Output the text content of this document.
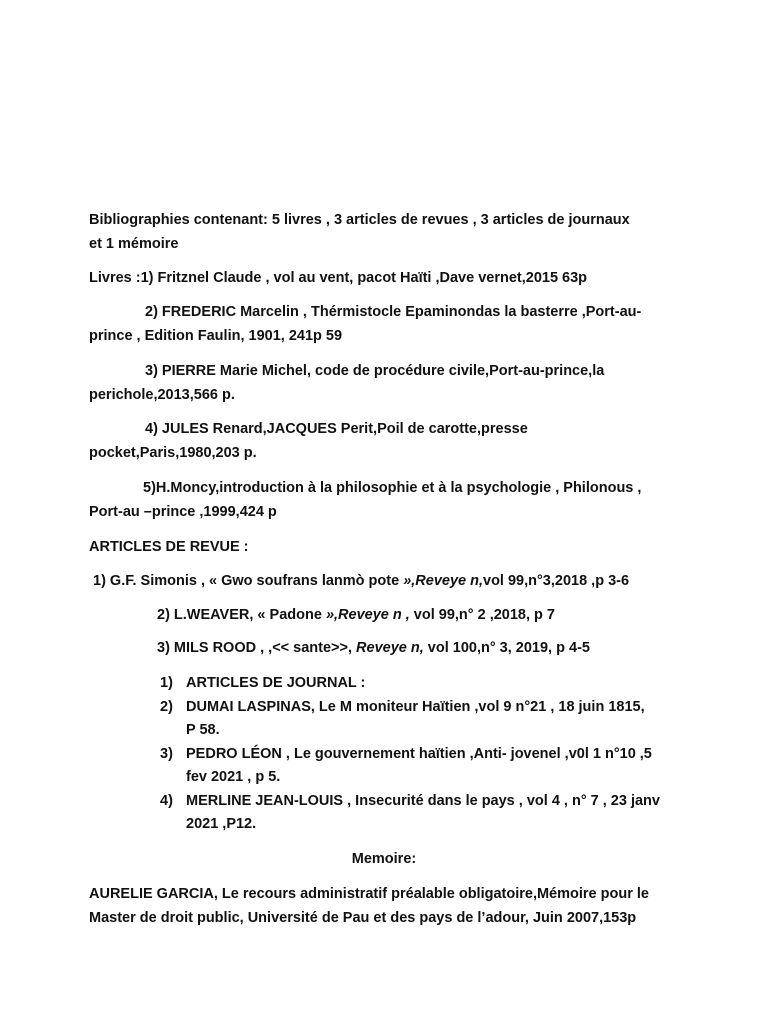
Bibliographies contenant: 5 livres , 3 articles de revues , 3 articles de journaux
et 1 mémoire
Livres :1) Fritznel Claude , vol au vent, pacot Haïti ,Dave vernet,2015 63p
2) FREDERIC Marcelin , Thérmistocle Epaminondas la basterre ,Port-au-
prince , Edition Faulin, 1901, 241p 59
3) PIERRE Marie Michel, code de procédure civile,Port-au-prince,la
perichole,2013,566 p.
4) JULES Renard,JACQUES Perit,Poil de carotte,presse
pocket,Paris,1980,203 p.
5)H.Moncy,introduction à la philosophie et à la psychologie , Philonous ,
Port-au –prince ,1999,424 p
ARTICLES DE REVUE :
1) G.F. Simonis , « Gwo soufrans lanmò pote »,Reveye n,vol 99,n°3,2018 ,p 3-6
2) L.WEAVER, « Padone »,Reveye n , vol 99,n° 2 ,2018, p 7
3) MILS ROOD , ,<< sante>>, Reveye n, vol 100,n° 3, 2019, p 4-5
1) ARTICLES DE JOURNAL :
2) DUMAI LASPINAS, Le M moniteur Haïtien ,vol 9 n°21 , 18 juin 1815,
P 58.
3) PEDRO LÉON , Le gouvernement haïtien ,Anti- jovenel ,v0l 1 n°10 ,5
fev 2021 , p 5.
4) MERLINE JEAN-LOUIS , Insecurité dans le pays , vol 4 , n° 7 , 23 janv
2021 ,P12.
Memoire:
AURELIE GARCIA, Le recours administratif préalable obligatoire,Mémoire pour le
Master de droit public, Université de Pau et des pays de l’adour, Juin 2007,153p
